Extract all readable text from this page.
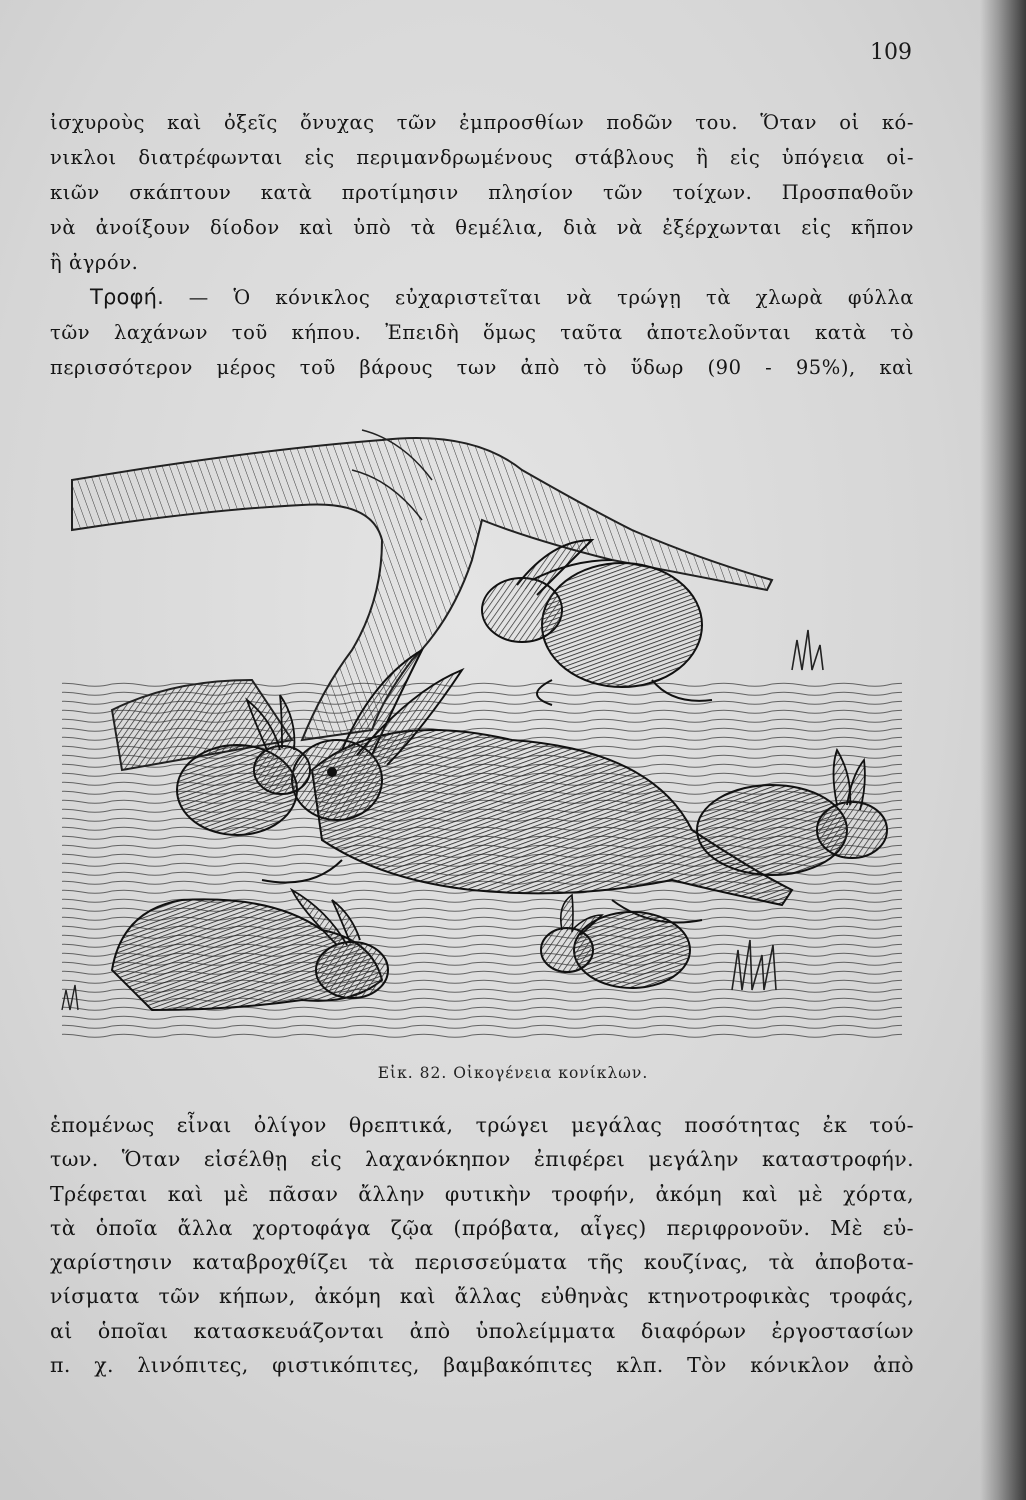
109
ἰσχυροὺς καὶ ὀξεῖς ὄνυχας τῶν ἐμπροσθίων ποδῶν του. Ὅταν οἱ κό-
νικλοι διατρέφωνται εἰς περιμανδρωμένους στάβλους ἢ εἰς ὑπόγεια οἰ-
κιῶν σκάπτουν κατὰ προτίμησιν πλησίον τῶν τοίχων. Προσπαθοῦν
νὰ ἀνοίξουν δίοδον καὶ ὑπὸ τὰ θεμέλια, διὰ νὰ ἐξέρχωνται εἰς κῆπον
ἢ ἀγρόν.
Τροφή. — Ὁ κόνικλος εὐχαριστεῖται νὰ τρώγῃ τὰ χλωρὰ φύλλα
τῶν λαχάνων τοῦ κήπου. Ἐπειδὴ ὅμως ταῦτα ἀποτελοῦνται κατὰ τὸ
περισσότερον μέρος τοῦ βάρους των ἀπὸ τὸ ὕδωρ (90 - 95%), καὶ
Εἰκ. 82. Οἰκογένεια κονίκλων.
ἑπομένως εἶναι ὀλίγον θρεπτικά, τρώγει μεγάλας ποσότητας ἐκ τού-
των. Ὅταν εἰσέλθῃ εἰς λαχανόκηπον ἐπιφέρει μεγάλην καταστροφήν.
Τρέφεται καὶ μὲ πᾶσαν ἄλλην φυτικὴν τροφήν, ἀκόμη καὶ μὲ χόρτα,
τὰ ὁποῖα ἄλλα χορτοφάγα ζῷα (πρόβατα, αἶγες) περιφρονοῦν. Μὲ εὐ-
χαρίστησιν καταβροχθίζει τὰ περισσεύματα τῆς κουζίνας, τὰ ἀποβοτα-
νίσματα τῶν κήπων, ἀκόμη καὶ ἄλλας εὐθηνὰς κτηνοτροφικὰς τροφάς,
αἱ ὁποῖαι κατασκευάζονται ἀπὸ ὑπολείμματα διαφόρων ἐργοστασίων
π. χ. λινόπιτες, φιστικόπιτες, βαμβακόπιτες κλπ. Τὸν κόνικλον ἀπὸ
